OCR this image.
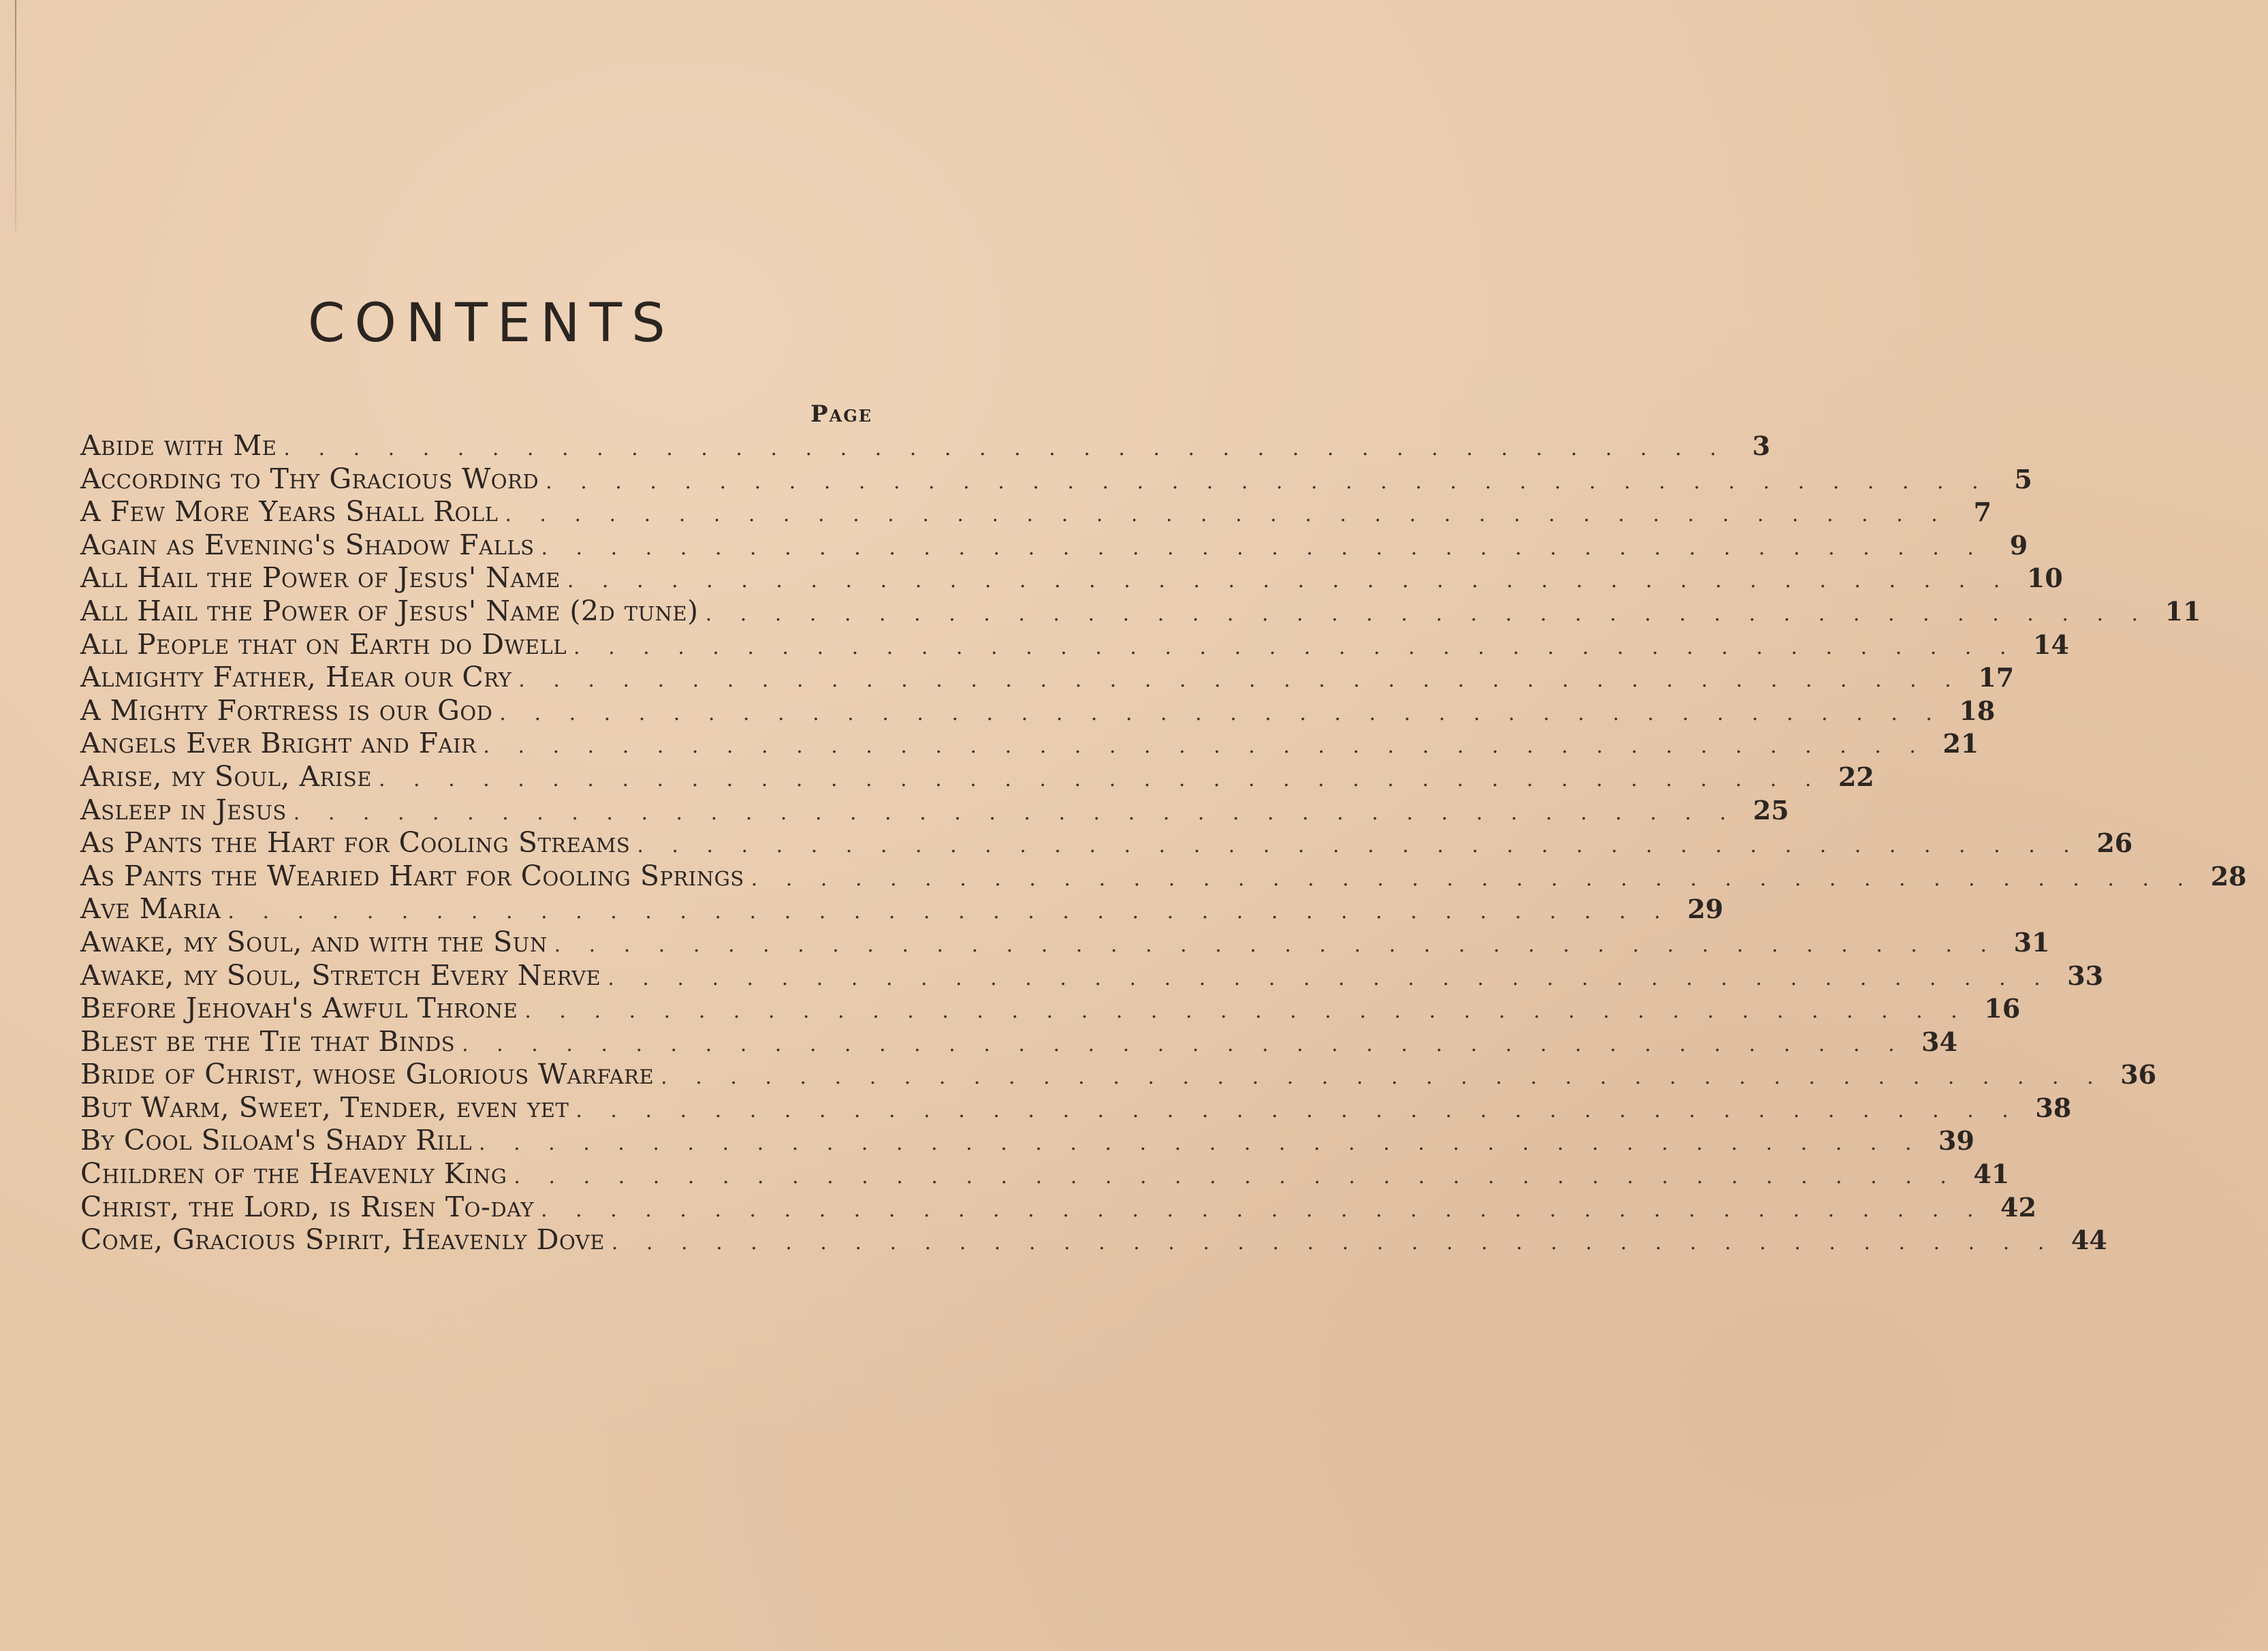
CONTENTS
Page
Abide with Me . . .	3
According to Thy Gracious Word . . .	5
A Few More Years Shall Roll . . .	7
Again as Evening's Shadow Falls . . .	9
All Hail the Power of Jesus' Name . . .	10
All Hail the Power of Jesus' Name (2d tune) . . .	11
All People that on Earth do Dwell . . .	14
Almighty Father, Hear our Cry . . .	17
A Mighty Fortress is our God . . .	18
Angels Ever Bright and Fair . . .	21
Arise, my Soul, Arise . . .	22
Asleep in Jesus . . .	25
As Pants the Hart for Cooling Streams . . .	26
As Pants the Wearied Hart for Cooling Springs . . .	28
Ave Maria . . .	29
Awake, my Soul, and with the Sun . . .	31
Awake, my Soul, Stretch Every Nerve . . .	33
Before Jehovah's Awful Throne . . .	16
Blest be the Tie that Binds . . .	34
Bride of Christ, whose Glorious Warfare . . .	36
But Warm, Sweet, Tender, even yet . . .	38
By Cool Siloam's Shady Rill . . .	39
Children of the Heavenly King . . .	41
Christ, the Lord, is Risen To-day . . .	42
Come, Gracious Spirit, Heavenly Dove . . .	44
